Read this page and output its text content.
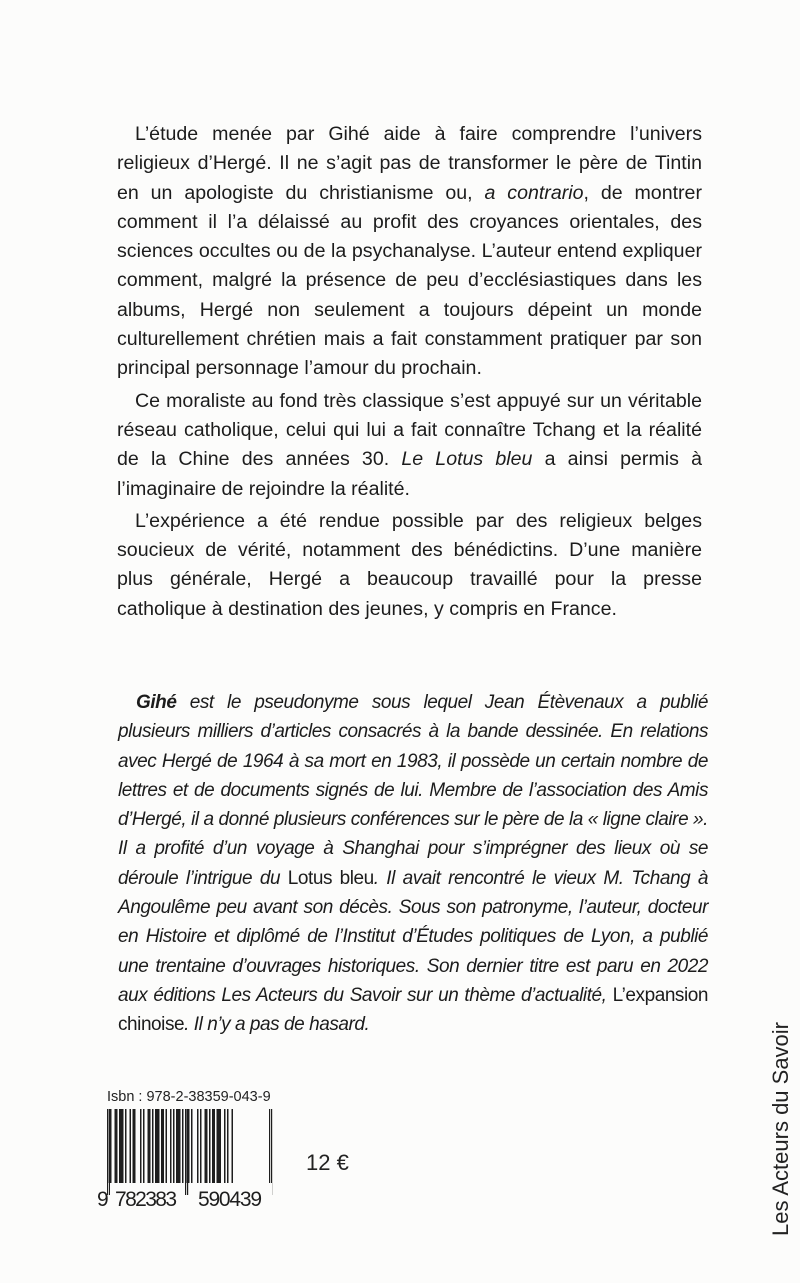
L’étude menée par Gihé aide à faire comprendre l’univers religieux d’Hergé. Il ne s’agit pas de transformer le père de Tintin en un apologiste du christianisme ou, a contrario, de montrer comment il l’a délaissé au profit des croyances orientales, des sciences occultes ou de la psychanalyse. L’auteur entend expliquer comment, malgré la présence de peu d’ecclésiastiques dans les albums, Hergé non seulement a toujours dépeint un monde culturellement chrétien mais a fait constamment pratiquer par son principal personnage l’amour du prochain.

Ce moraliste au fond très classique s’est appuyé sur un véritable réseau catholique, celui qui lui a fait connaître Tchang et la réalité de la Chine des années 30. Le Lotus bleu a ainsi permis à l’imaginaire de rejoindre la réalité.

L’expérience a été rendue possible par des religieux belges soucieux de vérité, notamment des bénédictins. D’une manière plus générale, Hergé a beaucoup travaillé pour la presse catholique à destination des jeunes, y compris en France.

Gihé est le pseudonyme sous lequel Jean Étèvenaux a publié plusieurs milliers d’articles consacrés à la bande dessinée. En relations avec Hergé de 1964 à sa mort en 1983, il possède un certain nombre de lettres et de documents signés de lui. Membre de l’association des Amis d’Hergé, il a donné plusieurs conférences sur le père de la « ligne claire ». Il a profité d’un voyage à Shanghai pour s’imprégner des lieux où se déroule l’intrigue du Lotus bleu. Il avait rencontré le vieux M. Tchang à Angoulême peu avant son décès. Sous son patronyme, l’auteur, docteur en Histoire et diplômé de l’Institut d’Études politiques de Lyon, a publié une trentaine d’ouvrages historiques. Son dernier titre est paru en 2022 aux éditions Les Acteurs du Savoir sur un thème d’actualité, L’expansion chinoise. Il n’y a pas de hasard.

Isbn : 978-2-38359-043-9
9 782383 590439
12 €	Les Acteurs du Savoir
